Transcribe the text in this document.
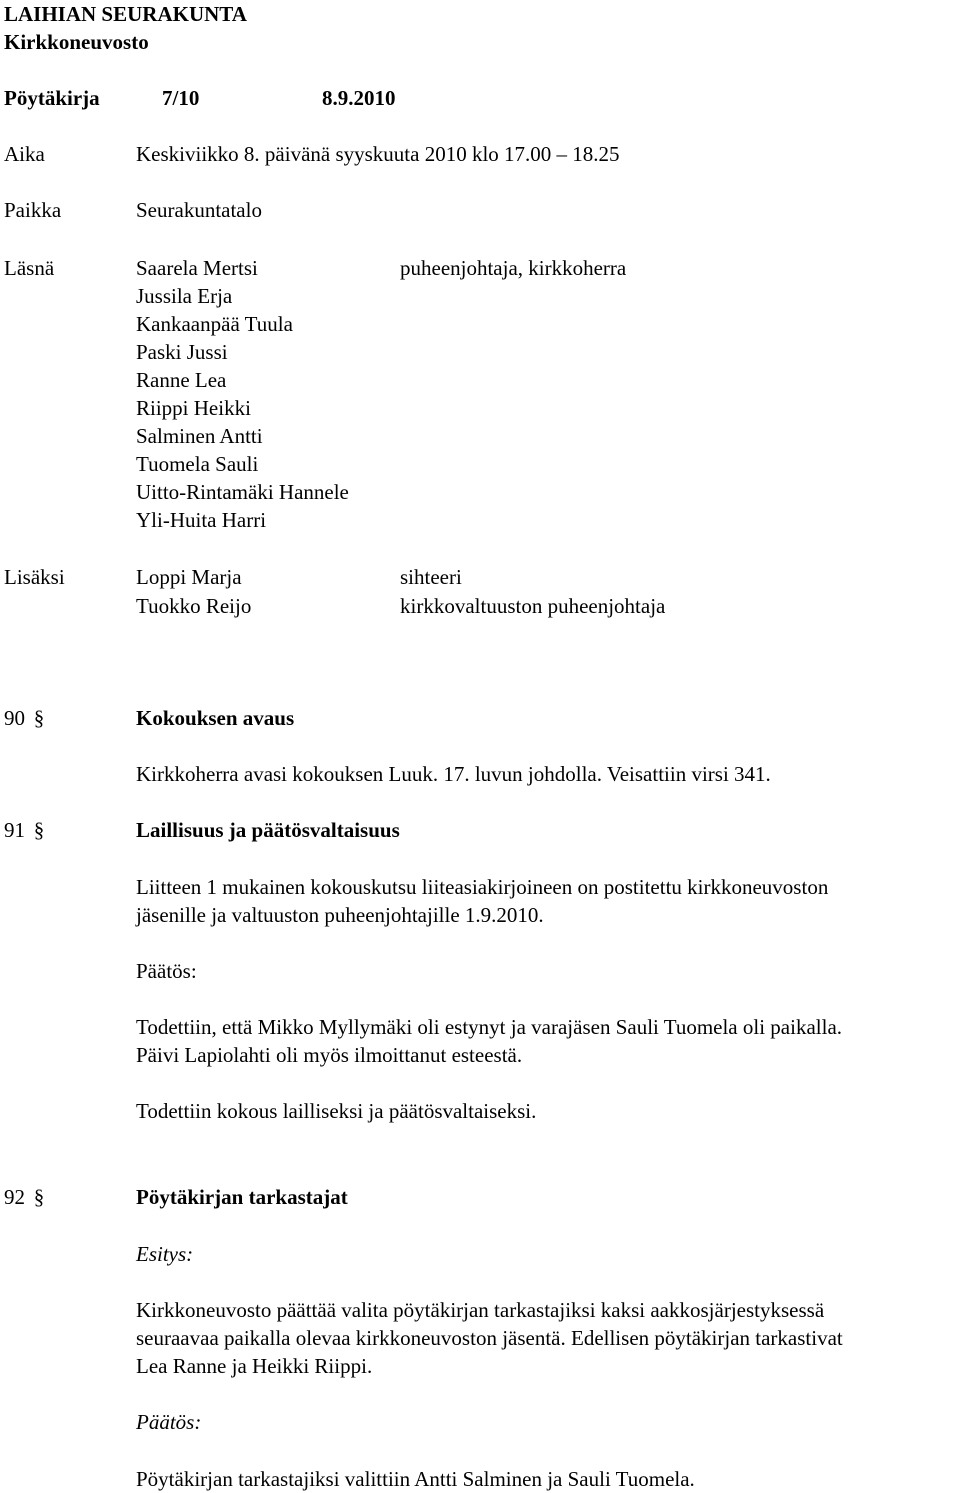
LAIHIAN SEURAKUNTA
Kirkkoneuvosto
Pöytäkirja	7/10	8.9.2010
Aika	Keskiviikko 8. päivänä syyskuuta 2010 klo 17.00 – 18.25
Paikka	Seurakuntatalo
Läsnä	Saarela Mertsi	puheenjohtaja, kirkkoherra
Jussila Erja
Kankaanpää Tuula
Paski Jussi
Ranne Lea
Riippi Heikki
Salminen Antti
Tuomela Sauli
Uitto-Rintamäki Hannele
Yli-Huita Harri
Lisäksi	Loppi Marja	sihteeri
Tuokko Reijo	kirkkovaltuuston puheenjohtaja
90 §	Kokouksen avaus
Kirkkoherra avasi kokouksen Luuk. 17. luvun johdolla. Veisattiin virsi 341.
91 §	Laillisuus ja päätösvaltaisuus
Liitteen 1 mukainen kokouskutsu liiteasiakirjoineen on postitettu kirkkoneuvoston
jäsenille ja valtuuston puheenjohtajille 1.9.2010.
Päätös:
Todettiin, että Mikko Myllymäki oli estynyt ja varajäsen Sauli Tuomela oli paikalla.
Päivi Lapiolahti oli myös ilmoittanut esteestä.
Todettiin kokous lailliseksi ja päätösvaltaiseksi.
92 §	Pöytäkirjan tarkastajat
Esitys:
Kirkkoneuvosto päättää valita pöytäkirjan tarkastajiksi kaksi aakkosjärjestyksessä
seuraavaa paikalla olevaa kirkkoneuvoston jäsentä. Edellisen pöytäkirjan tarkastivat
Lea Ranne ja Heikki Riippi.
Päätös:
Pöytäkirjan tarkastajiksi valittiin Antti Salminen ja Sauli Tuomela.
